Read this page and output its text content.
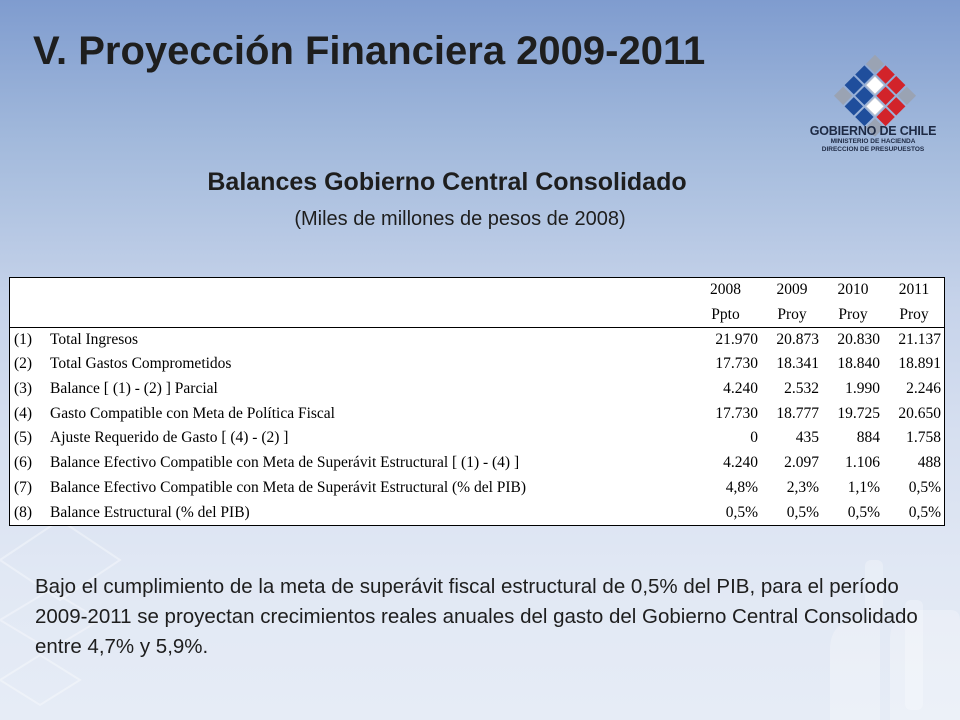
V. Proyección Financiera 2009-2011
GOBIERNO DE CHILE
MINISTERIO DE HACIENDA
DIRECCION DE PRESUPUESTOS
Balances Gobierno Central Consolidado
(Miles de millones de pesos de 2008)
	2008	2009	2010	2011
	Ppto	Proy	Proy	Proy
(1) Total Ingresos	21.970	20.873	20.830	21.137
(2) Total Gastos Comprometidos	17.730	18.341	18.840	18.891
(3) Balance [ (1) - (2) ] Parcial	4.240	2.532	1.990	2.246
(4) Gasto Compatible con Meta de Política Fiscal	17.730	18.777	19.725	20.650
(5) Ajuste Requerido de Gasto [ (4) - (2) ]	0	435	884	1.758
(6) Balance Efectivo Compatible con Meta de Superávit Estructural [ (1) - (4) ]	4.240	2.097	1.106	488
(7) Balance Efectivo Compatible con Meta de Superávit Estructural (% del PIB)	4,8%	2,3%	1,1%	0,5%
(8) Balance Estructural (% del PIB)	0,5%	0,5%	0,5%	0,5%
Bajo el cumplimiento de la meta de superávit fiscal estructural de 0,5% del PIB, para el período 2009-2011 se proyectan crecimientos reales anuales del gasto del Gobierno Central Consolidado entre 4,7% y 5,9%.
